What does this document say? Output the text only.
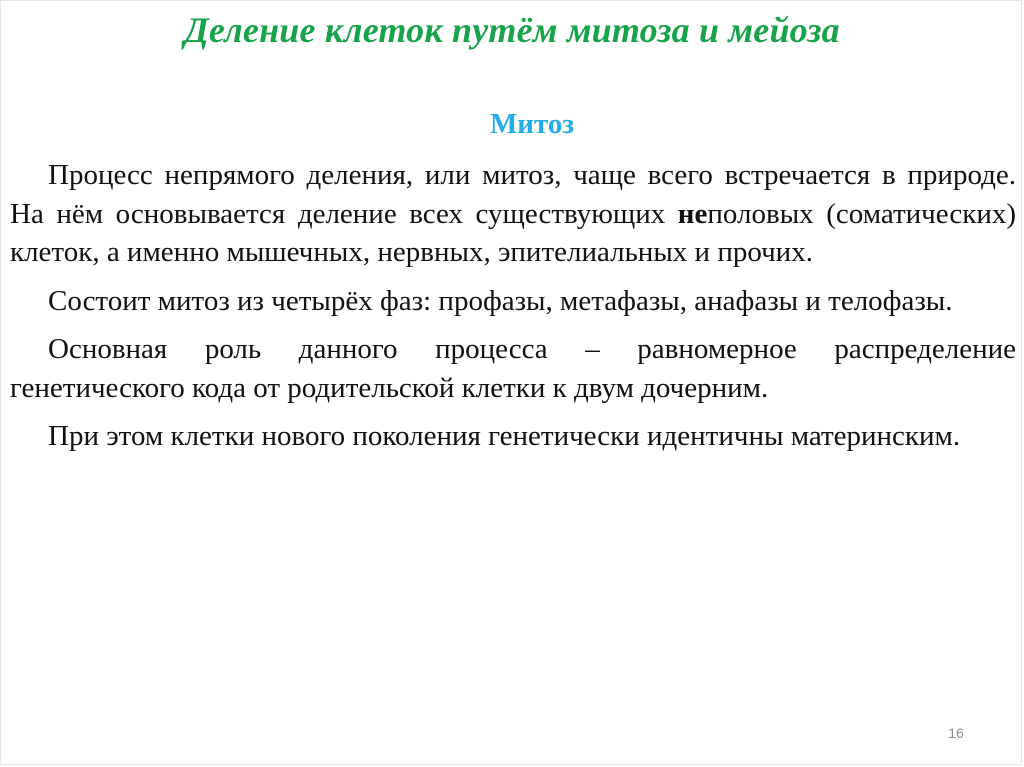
Деление клеток путём митоза и мейоза
Митоз

Процесс непрямого деления, или митоз, чаще всего встречается в природе. На нём основывается деление всех существующих неполовых (соматических) клеток, а именно мышечных, нервных, эпителиальных и прочих.

Состоит митоз из четырёх фаз: профазы, метафазы, анафазы и телофазы.

Основная роль данного процесса – равномерное распределение генетического кода от родительской клетки к двум дочерним.

При этом клетки нового поколения генетически идентичны материнским.

16
